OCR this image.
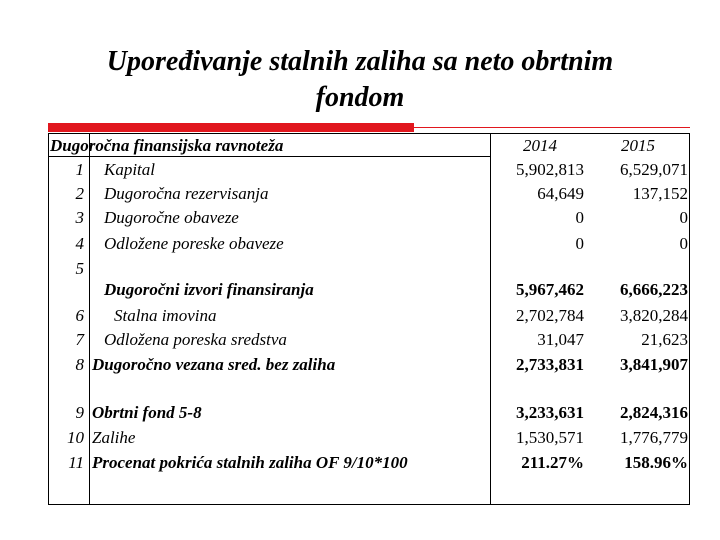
Upoređivanje stalnih zaliha sa neto obrtnim
fondom
Dugoročna finansijska ravnoteža	2014	2015
1 Kapital	5,902,813	6,529,071
2 Dugoročna rezervisanja	64,649	137,152
3 Dugoročne obaveze	0	0
4 Odložene poreske obaveze	0	0
5
Dugoročni izvori finansiranja	5,967,462	6,666,223
6 Stalna imovina	2,702,784	3,820,284
7 Odložena poreska sredstva	31,047	21,623
8 Dugoročno vezana sred. bez zaliha	2,733,831	3,841,907
9 Obrtni fond 5-8	3,233,631	2,824,316
10 Zalihe	1,530,571	1,776,779
11 Procenat pokrića stalnih zaliha OF 9/10*100	211.27%	158.96%
